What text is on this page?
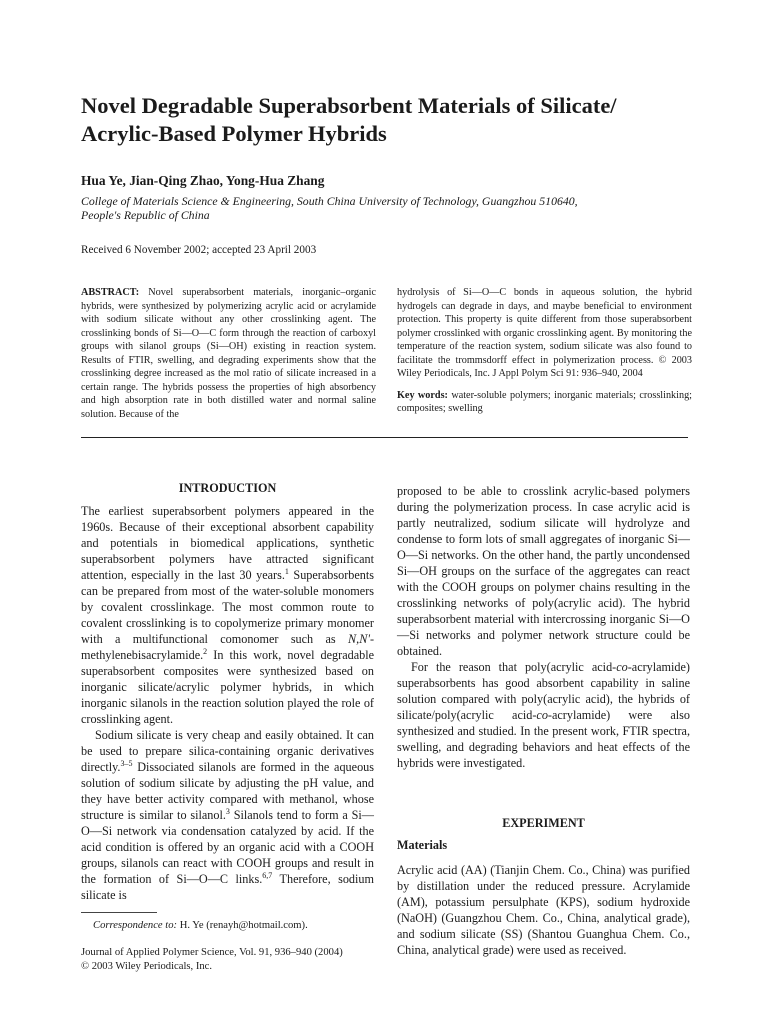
Novel Degradable Superabsorbent Materials of Silicate/
Acrylic-Based Polymer Hybrids
Hua Ye, Jian-Qing Zhao, Yong-Hua Zhang
College of Materials Science & Engineering, South China University of Technology, Guangzhou 510640,
People's Republic of China
Received 6 November 2002; accepted 23 April 2003
ABSTRACT: Novel superabsorbent materials, inorganic–organic hybrids, were synthesized by polymerizing acrylic acid or acrylamide with sodium silicate without any other crosslinking agent. The crosslinking bonds of Si—O—C form through the reaction of carboxyl groups with silanol groups (Si—OH) existing in reaction system. Results of FTIR, swelling, and degrading experiments show that the crosslinking degree increased as the mol ratio of silicate increased in a certain range. The hybrids possess the properties of high absorbency and high absorption rate in both distilled water and normal saline solution. Because of the
hydrolysis of Si—O—C bonds in aqueous solution, the hybrid hydrogels can degrade in days, and maybe beneficial to environment protection. This property is quite different from those superabsorbent polymer crosslinked with organic crosslinking agent. By monitoring the temperature of the reaction system, sodium silicate was also found to facilitate the trommsdorff effect in polymerization process. © 2003 Wiley Periodicals, Inc. J Appl Polym Sci 91: 936–940, 2004
Key words: water-soluble polymers; inorganic materials; crosslinking; composites; swelling
INTRODUCTION

The earliest superabsorbent polymers appeared in the 1960s. Because of their exceptional absorbent capability and potentials in biomedical applications, synthetic superabsorbent polymers have attracted significant attention, especially in the last 30 years.$^1$ Superabsorbents can be prepared from most of the water-soluble monomers by covalent crosslinkage. The most common route to covalent crosslinking is to copolymerize primary monomer with a multifunctional comonomer such as N,N'-methylenebisacrylamide.$^2$ In this work, novel degradable superabsorbent composites were synthesized based on inorganic silicate/acrylic polymer hybrids, in which inorganic silanols in the reaction solution played the role of crosslinking agent.

Sodium silicate is very cheap and easily obtained. It can be used to prepare silica-containing organic derivatives directly.$^{3-5}$ Dissociated silanols are formed in the aqueous solution of sodium silicate by adjusting the pH value, and they have better activity compared with methanol, whose structure is similar to silanol.$^3$ Silanols tend to form a Si—O—Si network via condensation catalyzed by acid. If the acid condition is offered by an organic acid with a COOH groups, silanols can react with COOH groups and result in the formation of Si—O—C links.$^{6,7}$ Therefore, sodium silicate is

proposed to be able to crosslink acrylic-based polymers during the polymerization process. In case acrylic acid is partly neutralized, sodium silicate will hydrolyze and condense to form lots of small aggregates of inorganic Si—O—Si networks. On the other hand, the partly uncondensed Si—OH groups on the surface of the aggregates can react with the COOH groups on polymer chains resulting in the crosslinking networks of poly(acrylic acid). The hybrid superabsorbent material with intercrossing inorganic Si—O—Si networks and polymer network structure could be obtained.

For the reason that poly(acrylic acid-co-acrylamide) superabsorbents has good absorbent capability in saline solution compared with poly(acrylic acid), the hybrids of silicate/poly(acrylic acid-co-acrylamide) were also synthesized and studied. In the present work, FTIR spectra, swelling, and degrading behaviors and heat effects of the hybrids were investigated.

EXPERIMENT
Materials

Acrylic acid (AA) (Tianjin Chem. Co., China) was purified by distillation under the reduced pressure. Acrylamide (AM), potassium persulphate (KPS), sodium hydroxide (NaOH) (Guangzhou Chem. Co., China, analytical grade), and sodium silicate (SS) (Shantou Guanghua Chem. Co., China, analytical grade) were used as received.

Correspondence to: H. Ye (renayh@hotmail.com).
Journal of Applied Polymer Science, Vol. 91, 936–940 (2004)
© 2003 Wiley Periodicals, Inc.
